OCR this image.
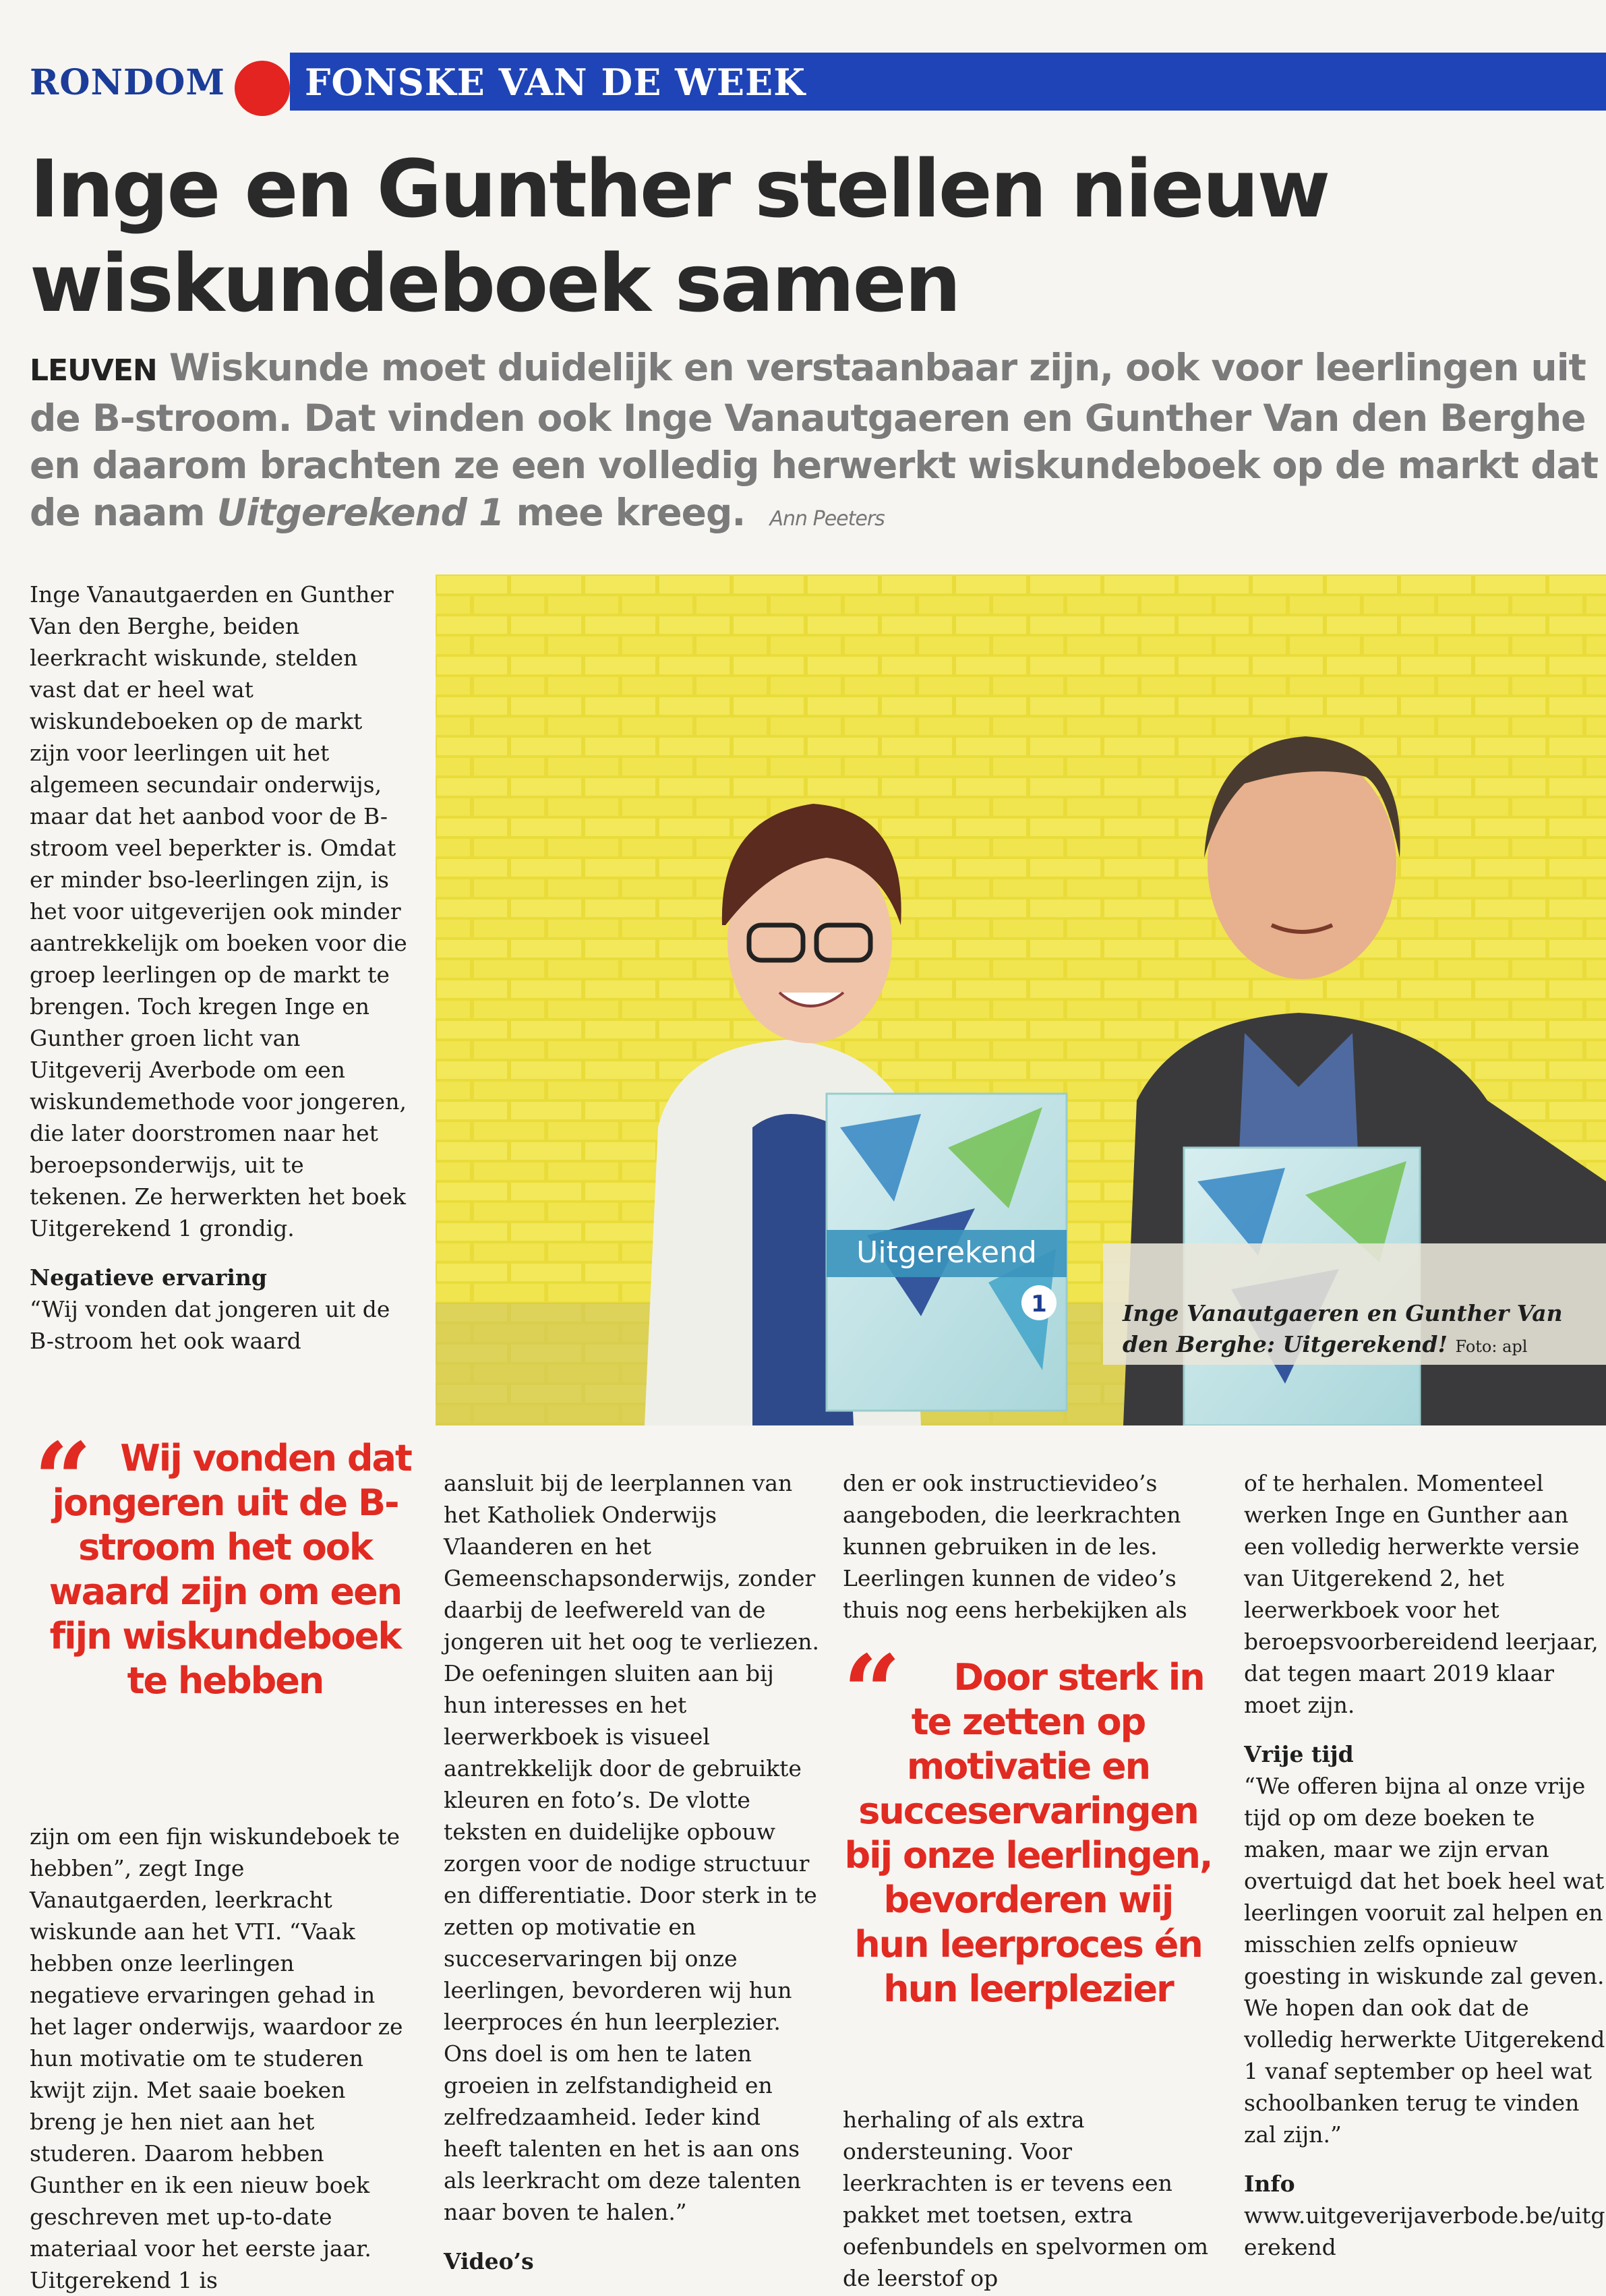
RONDOM FONSKE VAN DE WEEK
Inge en Gunther stellen nieuw
wiskundeboek samen
LEUVEN Wiskunde moet duidelijk en verstaanbaar zijn, ook voor leerlingen uit de B-stroom. Dat vinden ook Inge Vanautgaeren en Gunther Van den Berghe en daarom brachten ze een volledig herwerkt wiskundeboek op de markt dat de naam Uitgerekend 1 mee kreeg. Ann Peeters

Inge Vanautgaerden en Gunther Van den Berghe, beiden leerkracht wiskunde, stelden vast dat er heel wat wiskundeboeken op de markt zijn voor leerlingen uit het algemeen secundair onderwijs, maar dat het aanbod voor de B-stroom veel beperkter is. Omdat er minder bso-leerlingen zijn, is het voor uitgeverijen ook minder aantrekkelijk om boeken voor die groep leerlingen op de markt te brengen. Toch kregen Inge en Gunther groen licht van Uitgeverij Averbode om een wiskundemethode voor jongeren, die later doorstromen naar het beroepsonderwijs, uit te tekenen. Ze herwerkten het boek Uitgerekend 1 grondig.

Negatieve ervaring

“Wij vonden dat jongeren uit de B-stroom het ook waard

“ Wij vonden dat jongeren uit de B-stroom het ook waard zijn om een fijn wiskundeboek te hebben

zijn om een fijn wiskundeboek te hebben”, zegt Inge Vanautgaerden, leerkracht wiskunde aan het VTI. “Vaak hebben onze leerlingen negatieve ervaringen gehad in het lager onderwijs, waardoor ze hun motivatie om te studeren kwijt zijn. Met saaie boeken breng je hen niet aan het studeren. Daarom hebben Gunther en ik een nieuw boek geschreven met up-to-date materiaal voor het eerste jaar. Uitgerekend 1 is

Uitgerekend
1	Inge Vanautgaeren en Gunther Van den Berghe: Uitgerekend! Foto: apl

aansluit bij de leerplannen van het Katholiek Onderwijs Vlaanderen en het Gemeenschapsonderwijs, zonder daarbij de leefwereld van de jongeren uit het oog te verliezen. De oefeningen sluiten aan bij hun interesses en het leerwerkboek is visueel aantrekkelijk door de gebruikte kleuren en foto’s. De vlotte teksten en duidelijke opbouw zorgen voor de nodige structuur en differentiatie. Door sterk in te zetten op motivatie en succeservaringen bij onze leerlingen, bevorderen wij hun leerproces én hun leerplezier. Ons doel is om hen te laten groeien in zelfstandigheid en zelfredzaamheid. Ieder kind heeft talenten en het is aan ons als leerkracht om deze talenten naar boven te halen.”

Video’s

den er ook instructievideo’s aangeboden, die leerkrachten kunnen gebruiken in de les. Leerlingen kunnen de video’s thuis nog eens herbekijken als

“	Door sterk in te zetten op motivatie en succeservaringen bij onze leerlingen, bevorderen wij hun leerproces én hun leerplezier

herhaling of als extra ondersteuning. Voor leerkrachten is er tevens een pakket met toetsen, extra oefenbundels en spelvormen om de leerstof op

of te herhalen. Momenteel werken Inge en Gunther aan een volledig herwerkte versie van Uitgerekend 2, het leerwerkboek voor het beroepsvoorbereidend leerjaar, dat tegen maart 2019 klaar moet zijn.

Vrije tijd

“We offeren bijna al onze vrije tijd op om deze boeken te maken, maar we zijn ervan overtuigd dat het boek heel wat leerlingen vooruit zal helpen en misschien zelfs opnieuw goesting in wiskunde zal geven. We hopen dan ook dat de volledig herwerkte Uitgerekend 1 vanaf september op heel wat schoolbanken terug te vinden zal zijn.”

Info

www.uitgeverijaverbode.be/uitgerekend
